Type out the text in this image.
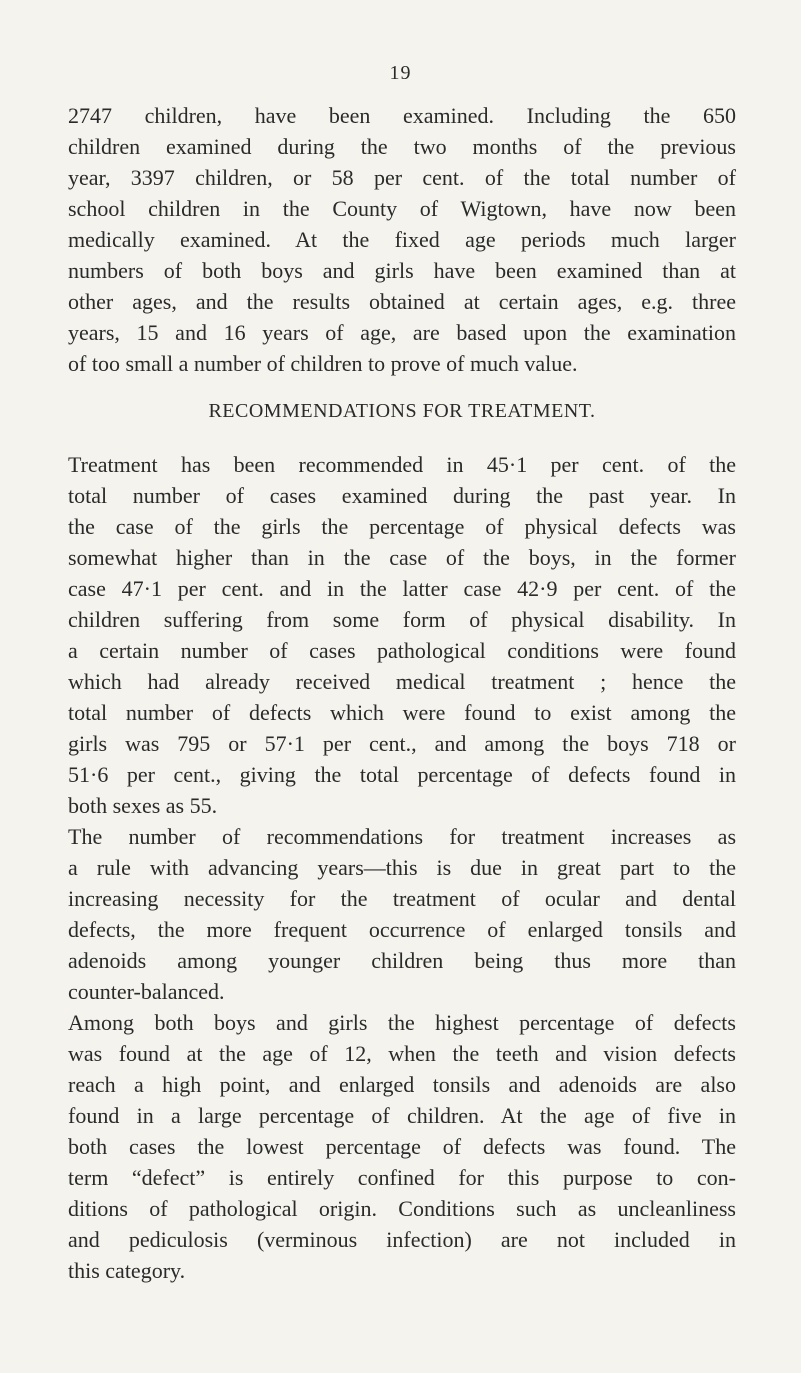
19
2747 children, have been examined. Including the 650
children examined during the two months of the previous
year, 3397 children, or 58 per cent. of the total number of
school children in the County of Wigtown, have now been
medically examined. At the fixed age periods much larger
numbers of both boys and girls have been examined than at
other ages, and the results obtained at certain ages, e.g. three
years, 15 and 16 years of age, are based upon the examination
of too small a number of children to prove of much value.
RECOMMENDATIONS FOR TREATMENT.
Treatment has been recommended in 45·1 per cent. of the
total number of cases examined during the past year. In
the case of the girls the percentage of physical defects was
somewhat higher than in the case of the boys, in the former
case 47·1 per cent. and in the latter case 42·9 per cent. of the
children suffering from some form of physical disability. In
a certain number of cases pathological conditions were found
which had already received medical treatment ; hence the
total number of defects which were found to exist among the
girls was 795 or 57·1 per cent., and among the boys 718 or
51·6 per cent., giving the total percentage of defects found in
both sexes as 55.
The number of recommendations for treatment increases as
a rule with advancing years—this is due in great part to the
increasing necessity for the treatment of ocular and dental
defects, the more frequent occurrence of enlarged tonsils and
adenoids among younger children being thus more than
counter-balanced.
Among both boys and girls the highest percentage of defects
was found at the age of 12, when the teeth and vision defects
reach a high point, and enlarged tonsils and adenoids are also
found in a large percentage of children. At the age of five in
both cases the lowest percentage of defects was found. The
term “defect” is entirely confined for this purpose to con-
ditions of pathological origin. Conditions such as uncleanliness
and pediculosis (verminous infection) are not included in
this category.
